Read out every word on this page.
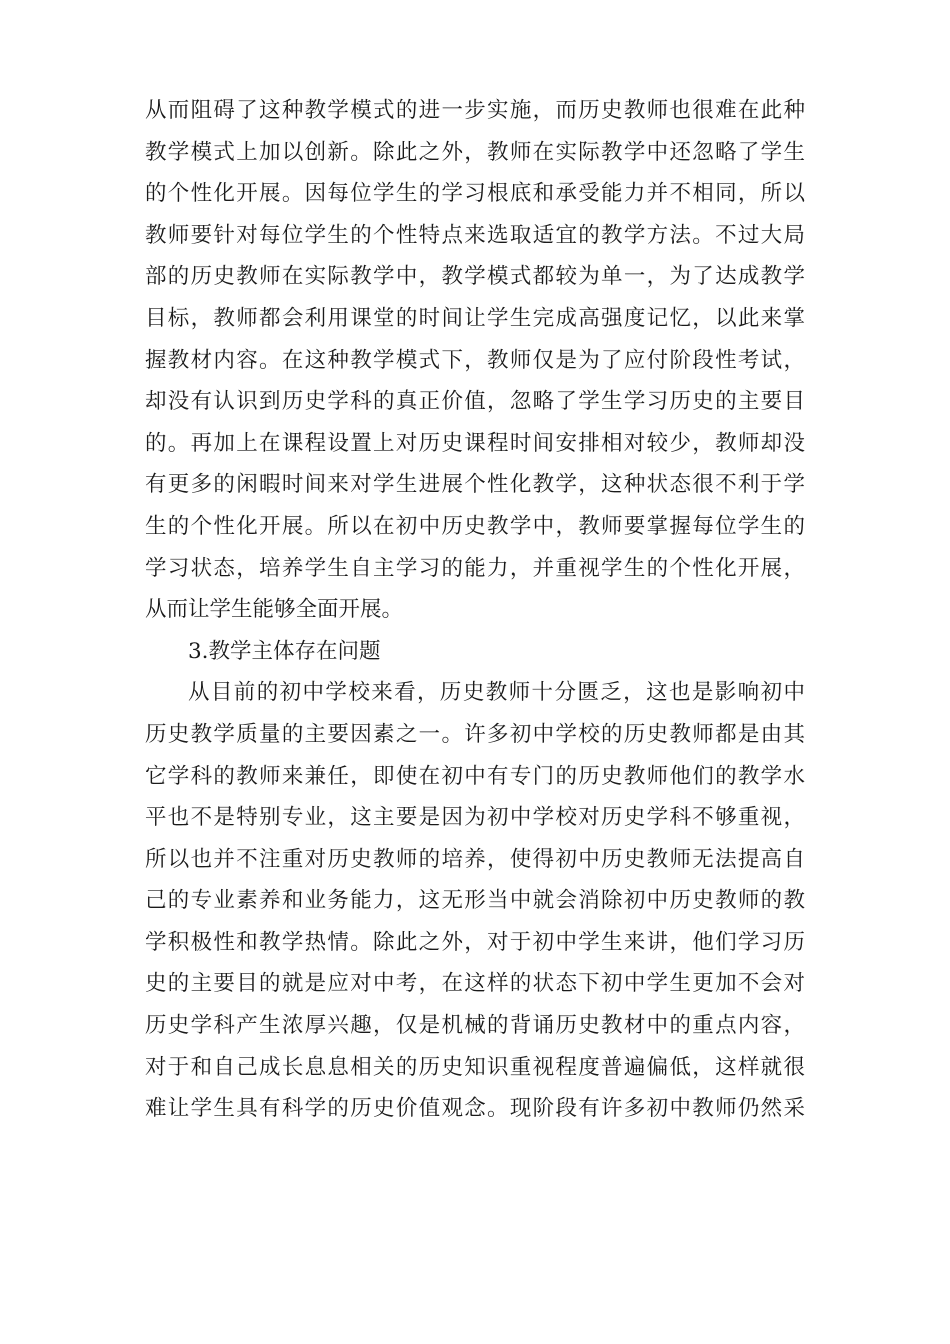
从而阻碍了这种教学模式的进一步实施，而历史教师也很难在此种
教学模式上加以创新。除此之外，教师在实际教学中还忽略了学生
的个性化开展。因每位学生的学习根底和承受能力并不相同，所以
教师要针对每位学生的个性特点来选取适宜的教学方法。不过大局
部的历史教师在实际教学中，教学模式都较为单一，为了达成教学
目标，教师都会利用课堂的时间让学生完成高强度记忆，以此来掌
握教材内容。在这种教学模式下，教师仅是为了应付阶段性考试，
却没有认识到历史学科的真正价值，忽略了学生学习历史的主要目
的。再加上在课程设置上对历史课程时间安排相对较少，教师却没
有更多的闲暇时间来对学生进展个性化教学，这种状态很不利于学
生的个性化开展。所以在初中历史教学中，教师要掌握每位学生的
学习状态，培养学生自主学习的能力，并重视学生的个性化开展，
从而让学生能够全面开展。
3.教学主体存在问题
从目前的初中学校来看，历史教师十分匮乏，这也是影响初中
历史教学质量的主要因素之一。许多初中学校的历史教师都是由其
它学科的教师来兼任，即使在初中有专门的历史教师他们的教学水
平也不是特别专业，这主要是因为初中学校对历史学科不够重视，
所以也并不注重对历史教师的培养，使得初中历史教师无法提高自
己的专业素养和业务能力，这无形当中就会消除初中历史教师的教
学积极性和教学热情。除此之外，对于初中学生来讲，他们学习历
史的主要目的就是应对中考，在这样的状态下初中学生更加不会对
历史学科产生浓厚兴趣，仅是机械的背诵历史教材中的重点内容，
对于和自己成长息息相关的历史知识重视程度普遍偏低，这样就很
难让学生具有科学的历史价值观念。现阶段有许多初中教师仍然采
